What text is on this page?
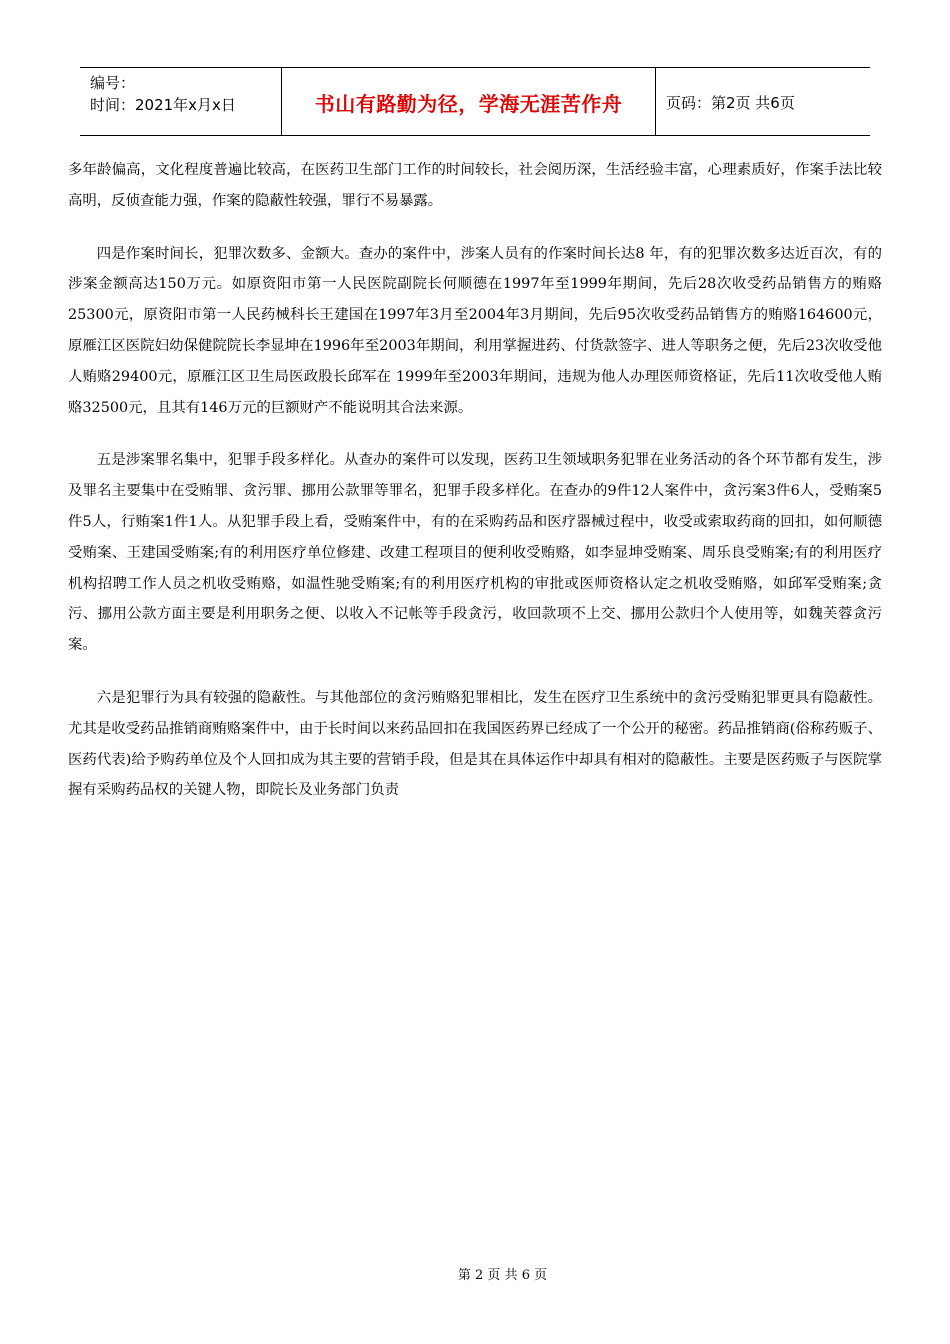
编号：
时间：2021年x月x日	书山有路勤为径，学海无涯苦作舟	页码：第2页 共6页

多年龄偏高，文化程度普遍比较高，在医药卫生部门工作的时间较长，社会阅历深，生活经验丰富，心理素质好，作案手法比较高明，反侦查能力强，作案的隐蔽性较强，罪行不易暴露。

四是作案时间长，犯罪次数多、金额大。查办的案件中，涉案人员有的作案时间长达8 年，有的犯罪次数多达近百次，有的涉案金额高达150万元。如原资阳市第一人民医院副院长何顺德在1997年至1999年期间，先后28次收受药品销售方的贿赂25300元，原资阳市第一人民药械科长王建国在1997年3月至2004年3月期间，先后95次收受药品销售方的贿赂164600元，原雁江区医院妇幼保健院院长李显坤在1996年至2003年期间，利用掌握进药、付货款签字、进人等职务之便，先后23次收受他人贿赂29400元，原雁江区卫生局医政股长邱军在 1999年至2003年期间，违规为他人办理医师资格证，先后11次收受他人贿赂32500元，且其有146万元的巨额财产不能说明其合法来源。

五是涉案罪名集中，犯罪手段多样化。从查办的案件可以发现，医药卫生领域职务犯罪在业务活动的各个环节都有发生，涉及罪名主要集中在受贿罪、贪污罪、挪用公款罪等罪名，犯罪手段多样化。在查办的9件12人案件中，贪污案3件6人，受贿案5件5人，行贿案1件1人。从犯罪手段上看，受贿案件中，有的在采购药品和医疗器械过程中，收受或索取药商的回扣，如何顺德受贿案、王建国受贿案;有的利用医疗单位修建、改建工程项目的便利收受贿赂，如李显坤受贿案、周乐良受贿案;有的利用医疗机构招聘工作人员之机收受贿赂，如温性驰受贿案;有的利用医疗机构的审批或医师资格认定之机收受贿赂，如邱军受贿案;贪污、挪用公款方面主要是利用职务之便、以收入不记帐等手段贪污，收回款项不上交、挪用公款归个人使用等，如魏芙蓉贪污案。

六是犯罪行为具有较强的隐蔽性。与其他部位的贪污贿赂犯罪相比，发生在医疗卫生系统中的贪污受贿犯罪更具有隐蔽性。尤其是收受药品推销商贿赂案件中，由于长时间以来药品回扣在我国医药界已经成了一个公开的秘密。药品推销商(俗称药贩子、医药代表)给予购药单位及个人回扣成为其主要的营销手段，但是其在具体运作中却具有相对的隐蔽性。主要是医药贩子与医院掌握有采购药品权的关键人物，即院长及业务部门负责

第 2 页 共 6 页
